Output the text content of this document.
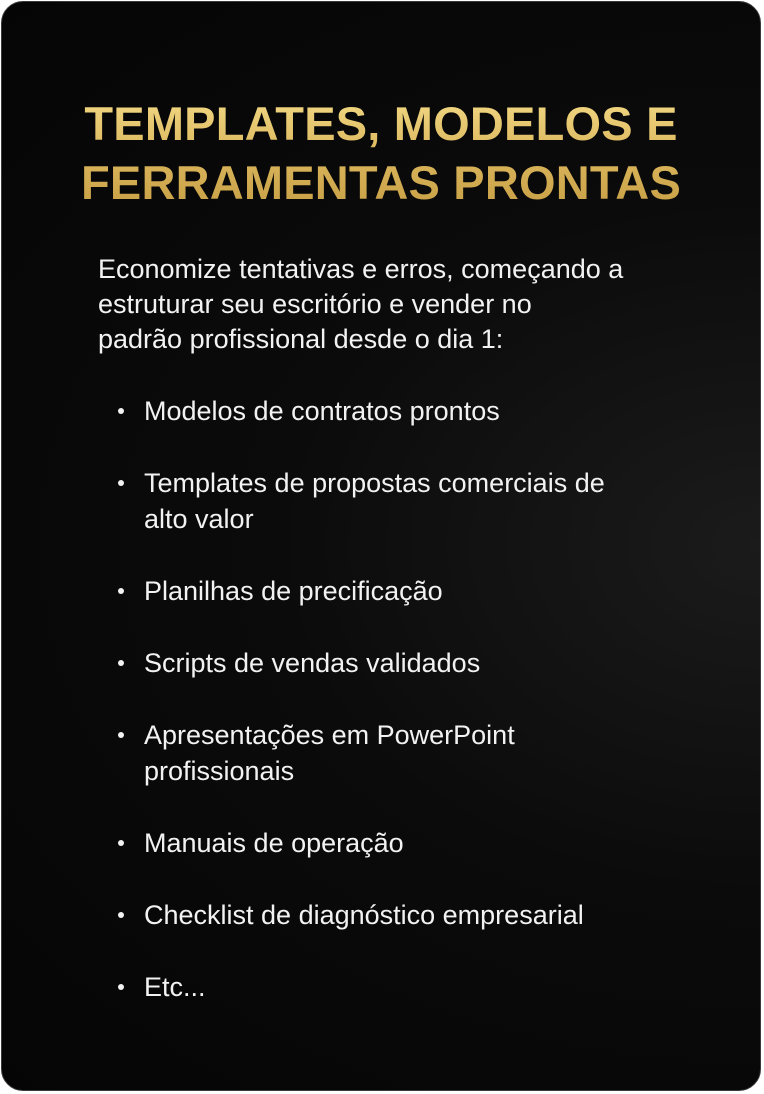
TEMPLATES, MODELOS E
FERRAMENTAS PRONTAS

Economize tentativas e erros, começando a
estruturar seu escritório e vender no
padrão profissional desde o dia 1:

Modelos de contratos prontos
Templates de propostas comerciais de
alto valor
Planilhas de precificação
Scripts de vendas validados
Apresentações em PowerPoint
profissionais
Manuais de operação
Checklist de diagnóstico empresarial
Etc...
